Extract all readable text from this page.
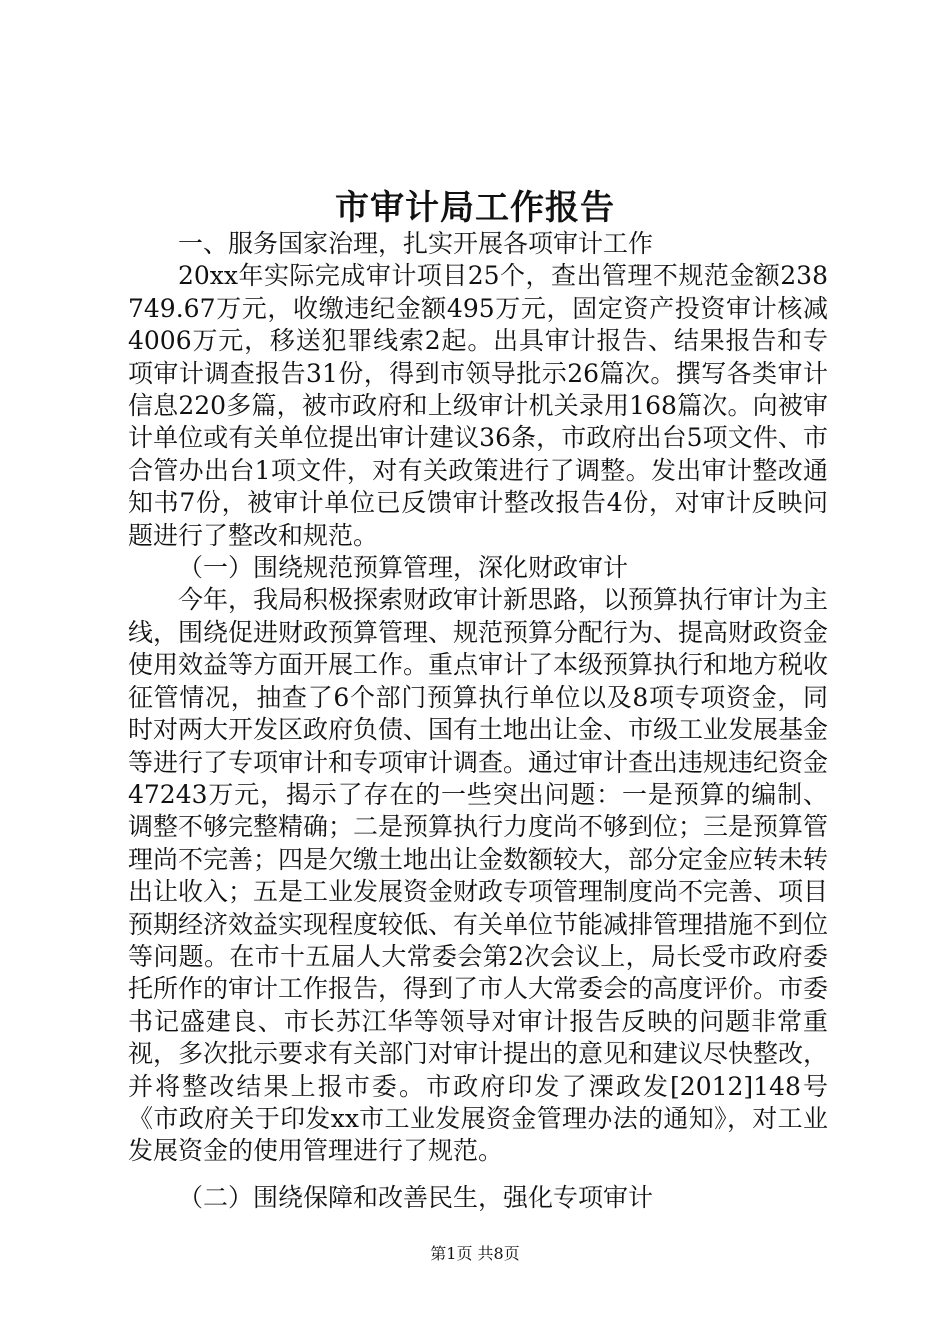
市审计局工作报告

一、服务国家治理，扎实开展各项审计工作

20xx年实际完成审计项目25个，查出管理不规范金额238749.67万元，收缴违纪金额495万元，固定资产投资审计核减4006万元，移送犯罪线索2起。出具审计报告、结果报告和专项审计调查报告31份，得到市领导批示26篇次。撰写各类审计信息220多篇，被市政府和上级审计机关录用168篇次。向被审计单位或有关单位提出审计建议36条，市政府出台5项文件、市合管办出台1项文件，对有关政策进行了调整。发出审计整改通知书7份，被审计单位已反馈审计整改报告4份，对审计反映问题进行了整改和规范。

（一）围绕规范预算管理，深化财政审计

今年，我局积极探索财政审计新思路，以预算执行审计为主线，围绕促进财政预算管理、规范预算分配行为、提高财政资金使用效益等方面开展工作。重点审计了本级预算执行和地方税收征管情况，抽查了6个部门预算执行单位以及8项专项资金，同时对两大开发区政府负债、国有土地出让金、市级工业发展基金等进行了专项审计和专项审计调查。通过审计查出违规违纪资金47243万元，揭示了存在的一些突出问题：一是预算的编制、调整不够完整精确；二是预算执行力度尚不够到位；三是预算管理尚不完善；四是欠缴土地出让金数额较大，部分定金应转未转出让收入；五是工业发展资金财政专项管理制度尚不完善、项目预期经济效益实现程度较低、有关单位节能减排管理措施不到位等问题。在市十五届人大常委会第2次会议上，局长受市政府委托所作的审计工作报告，得到了市人大常委会的高度评价。市委书记盛建良、市长苏江华等领导对审计报告反映的问题非常重视，多次批示要求有关部门对审计提出的意见和建议尽快整改，并将整改结果上报市委。市政府印发了溧政发[2012]148号《市政府关于印发xx市工业发展资金管理办法的通知》，对工业发展资金的使用管理进行了规范。

（二）围绕保障和改善民生，强化专项审计

第1页 共8页
